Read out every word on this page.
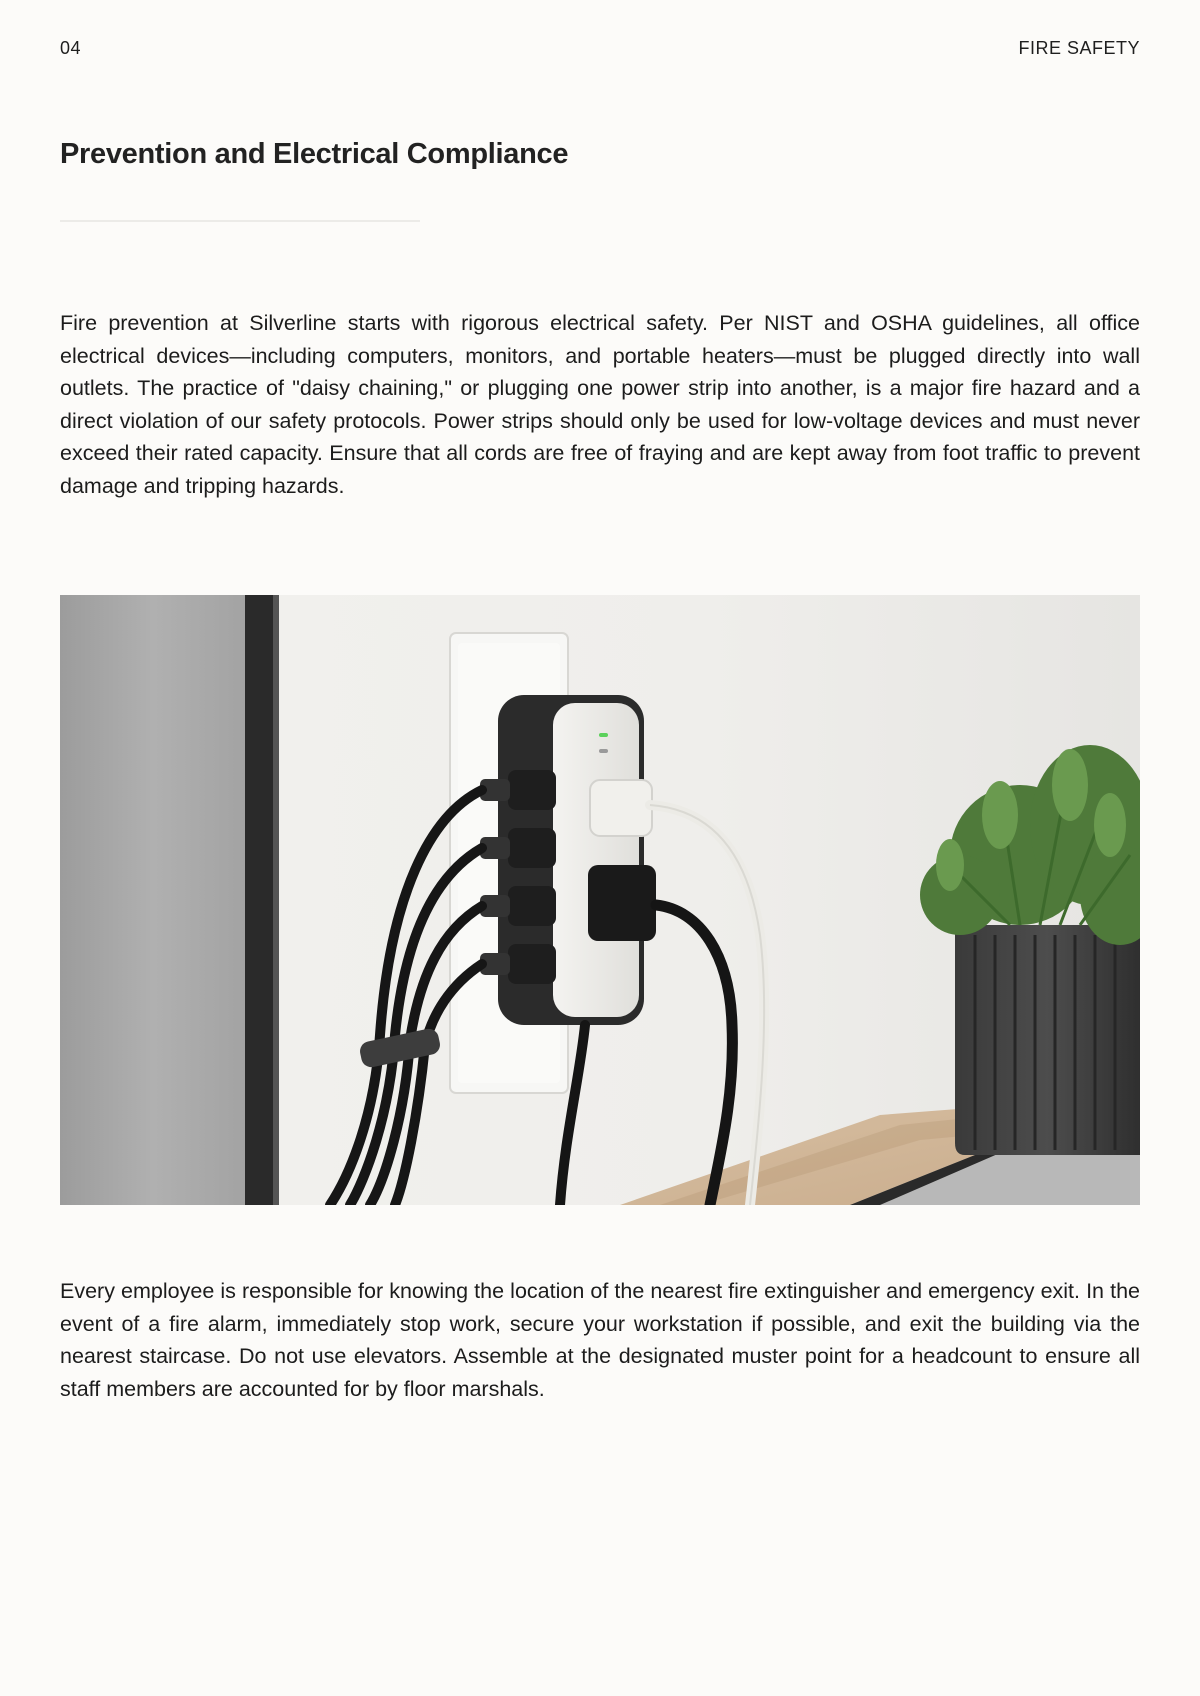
04	FIRE SAFETY
Prevention and Electrical Compliance

Fire prevention at Silverline starts with rigorous electrical safety. Per NIST and OSHA guidelines, all office electrical devices—including computers, monitors, and portable heaters—must be plugged directly into wall outlets. The practice of "daisy chaining," or plugging one power strip into another, is a major fire hazard and a direct violation of our safety protocols. Power strips should only be used for low-voltage devices and must never exceed their rated capacity. Ensure that all cords are free of fraying and are kept away from foot traffic to prevent damage and tripping hazards.

Every employee is responsible for knowing the location of the nearest fire extinguisher and emergency exit. In the event of a fire alarm, immediately stop work, secure your workstation if possible, and exit the building via the nearest staircase. Do not use elevators. Assemble at the designated muster point for a headcount to ensure all staff members are accounted for by floor marshals.
